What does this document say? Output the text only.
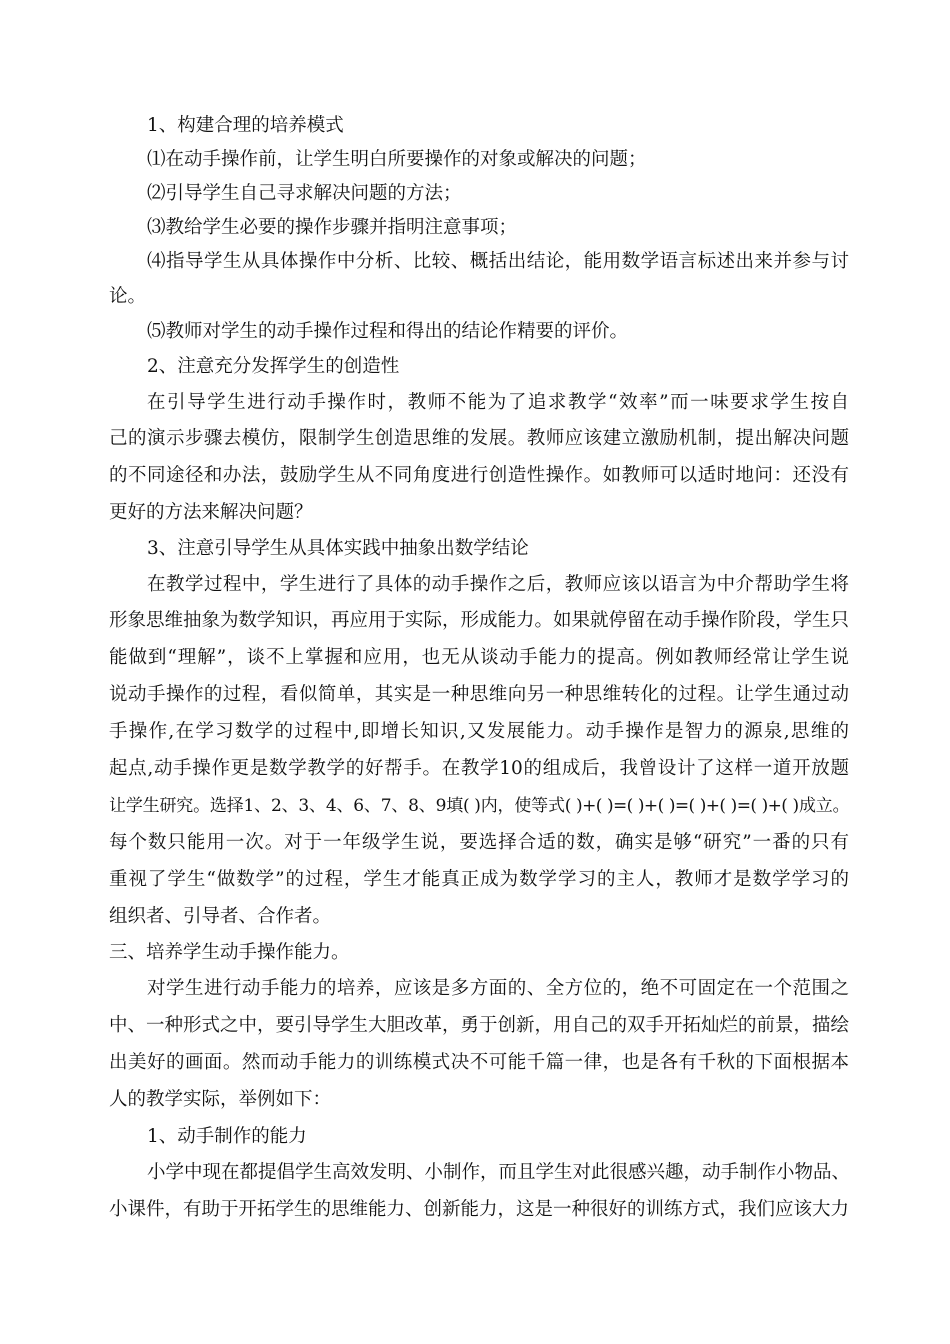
1、构建合理的培养模式
⑴在动手操作前，让学生明白所要操作的对象或解决的问题；
⑵引导学生自己寻求解决问题的方法；
⑶教给学生必要的操作步骤并指明注意事项；
⑷指导学生从具体操作中分析、比较、概括出结论，能用数学语言标述出来并参与讨
论。
⑸教师对学生的动手操作过程和得出的结论作精要的评价。
2、注意充分发挥学生的创造性
在引导学生进行动手操作时，教师不能为了追求教学“效率”而一味要求学生按自
己的演示步骤去模仿，限制学生创造思维的发展。教师应该建立激励机制，提出解决问题
的不同途径和办法，鼓励学生从不同角度进行创造性操作。如教师可以适时地问：还没有
更好的方法来解决问题？
3、注意引导学生从具体实践中抽象出数学结论
在教学过程中，学生进行了具体的动手操作之后，教师应该以语言为中介帮助学生将
形象思维抽象为数学知识，再应用于实际，形成能力。如果就停留在动手操作阶段，学生只
能做到“理解”，谈不上掌握和应用，也无从谈动手能力的提高。例如教师经常让学生说
说动手操作的过程，看似简单，其实是一种思维向另一种思维转化的过程。让学生通过动
手操作,在学习数学的过程中,即增长知识,又发展能力。动手操作是智力的源泉,思维的
起点,动手操作更是数学教学的好帮手。在教学10的组成后，我曾设计了这样一道开放题
让学生研究。选择1、2、3、4、6、7、8、9填( )内，使等式( )+( )=( )+( )=( )+( )=( )+( )成立。
每个数只能用一次。对于一年级学生说，要选择合适的数，确实是够“研究”一番的只有
重视了学生“做数学”的过程，学生才能真正成为数学学习的主人，教师才是数学学习的
组织者、引导者、合作者。
三、培养学生动手操作能力。
对学生进行动手能力的培养，应该是多方面的、全方位的，绝不可固定在一个范围之
中、一种形式之中，要引导学生大胆改革，勇于创新，用自己的双手开拓灿烂的前景，描绘
出美好的画面。然而动手能力的训练模式决不可能千篇一律，也是各有千秋的下面根据本
人的教学实际，举例如下：
1、动手制作的能力
小学中现在都提倡学生高效发明、小制作，而且学生对此很感兴趣，动手制作小物品、
小课件，有助于开拓学生的思维能力、创新能力，这是一种很好的训练方式，我们应该大力
